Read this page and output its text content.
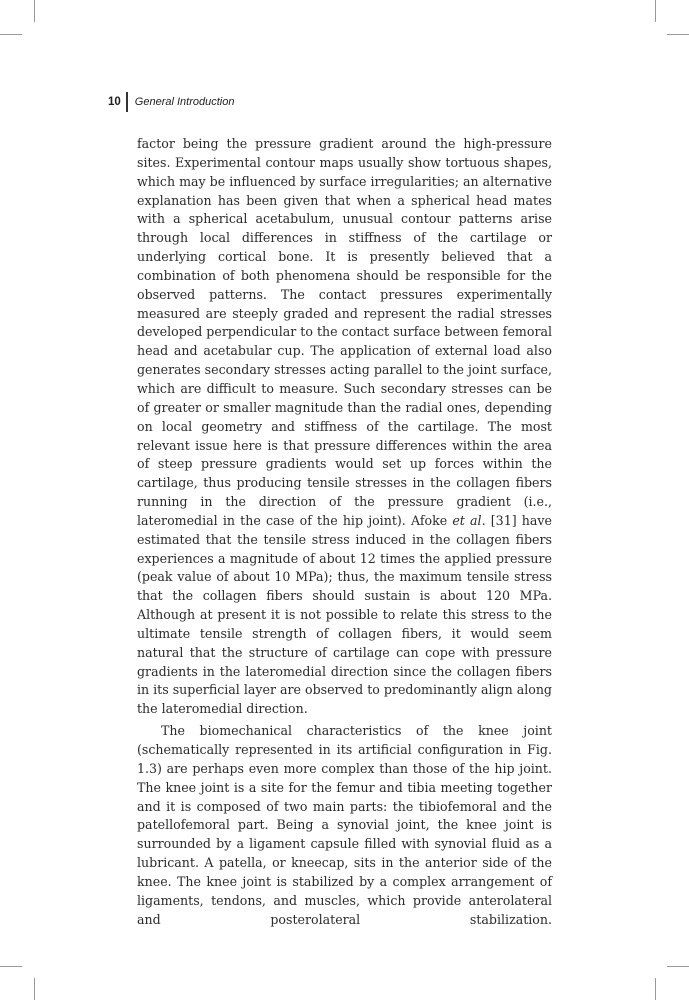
10 General Introduction

factor being the pressure gradient around the high-pressure sites. Experimental contour maps usually show tortuous shapes, which may be influenced by surface irregularities; an alternative explanation has been given that when a spherical head mates with a spherical acetabulum, unusual contour patterns arise through local differences in stiffness of the cartilage or underlying cortical bone. It is presently believed that a combination of both phenomena should be responsible for the observed patterns. The contact pressures experimentally measured are steeply graded and represent the radial stresses developed perpendicular to the contact surface between femoral head and acetabular cup. The application of external load also generates secondary stresses acting parallel to the joint surface, which are difficult to measure. Such secondary stresses can be of greater or smaller magnitude than the radial ones, depending on local geometry and stiffness of the cartilage. The most relevant issue here is that pressure differences within the area of steep pressure gradients would set up forces within the cartilage, thus producing tensile stresses in the collagen fibers running in the direction of the pressure gradient (i.e., lateromedial in the case of the hip joint). Afoke et al. [31] have estimated that the tensile stress induced in the collagen fibers experiences a magnitude of about 12 times the applied pressure (peak value of about 10 MPa); thus, the maximum tensile stress that the collagen fibers should sustain is about 120 MPa. Although at present it is not possible to relate this stress to the ultimate tensile strength of collagen fibers, it would seem natural that the structure of cartilage can cope with pressure gradients in the lateromedial direction since the collagen fibers in its superficial layer are observed to predominantly align along the lateromedial direction.

The biomechanical characteristics of the knee joint (schematically represented in its artificial configuration in Fig. 1.3) are perhaps even more complex than those of the hip joint. The knee joint is a site for the femur and tibia meeting together and it is composed of two main parts: the tibiofemoral and the patellofemoral part. Being a synovial joint, the knee joint is surrounded by a ligament capsule filled with synovial fluid as a lubricant. A patella, or kneecap, sits in the anterior side of the knee. The knee joint is stabilized by a complex arrangement of ligaments, tendons, and muscles, which provide anterolateral and posterolateral stabilization.
